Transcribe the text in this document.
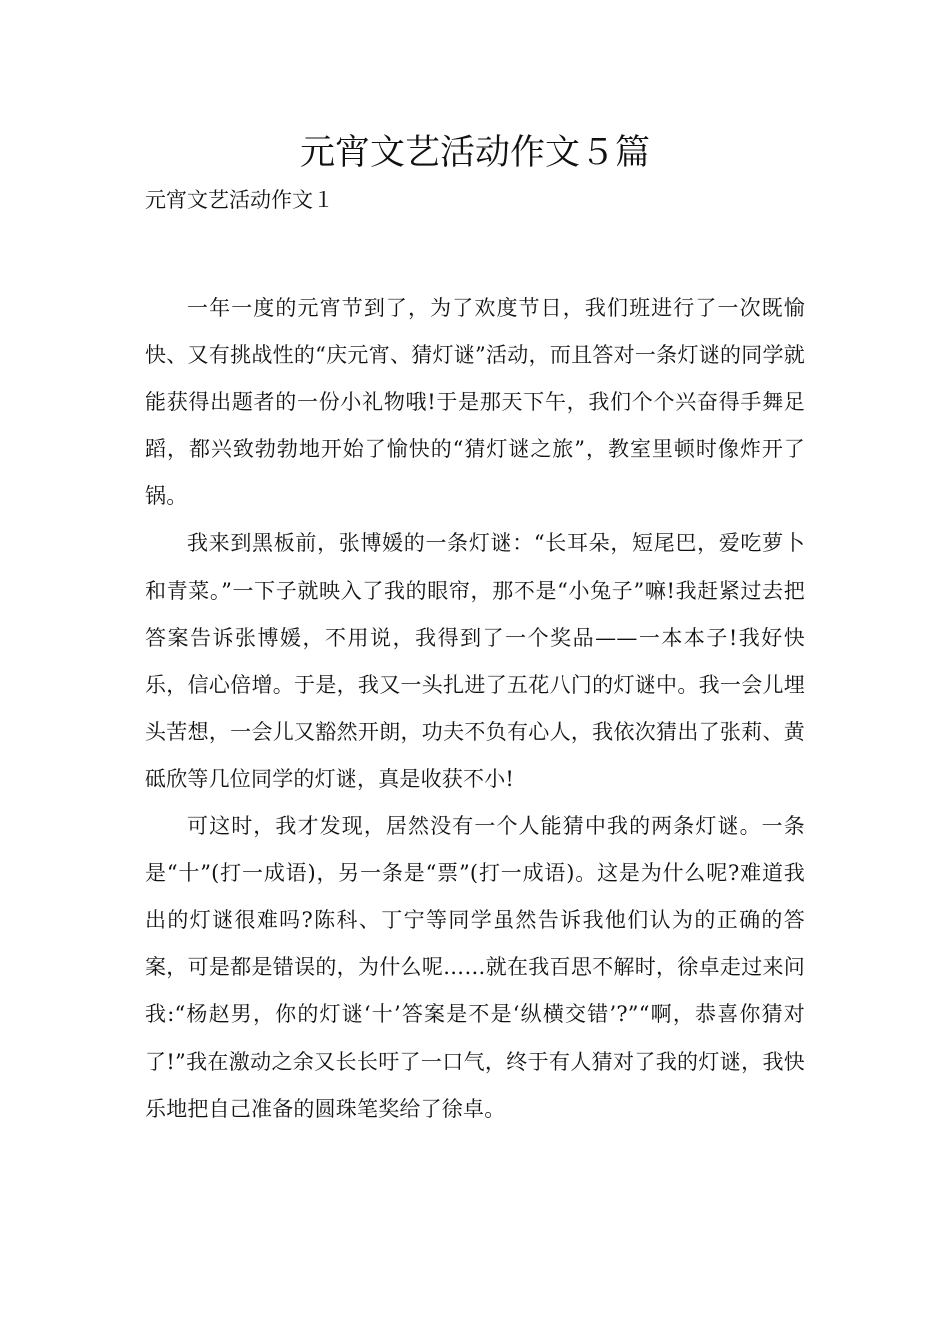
元宵文艺活动作文５篇
元宵文艺活动作文１

一年一度的元宵节到了，为了欢度节日，我们班进行了一次既愉快、又有挑战性的“庆元宵、猜灯谜”活动，而且答对一条灯谜的同学就能获得出题者的一份小礼物哦!于是那天下午，我们个个兴奋得手舞足蹈，都兴致勃勃地开始了愉快的“猜灯谜之旅”，教室里顿时像炸开了锅。

我来到黑板前，张博媛的一条灯谜：“长耳朵，短尾巴，爱吃萝卜和青菜。”一下子就映入了我的眼帘，那不是“小兔子”嘛!我赶紧过去把答案告诉张博媛，不用说，我得到了一个奖品——一本本子!我好快乐，信心倍增。于是，我又一头扎进了五花八门的灯谜中。我一会儿埋头苦想，一会儿又豁然开朗，功夫不负有心人，我依次猜出了张莉、黄砥欣等几位同学的灯谜，真是收获不小!

可这时，我才发现，居然没有一个人能猜中我的两条灯谜。一条是“十”(打一成语)，另一条是“票”(打一成语)。这是为什么呢?难道我出的灯谜很难吗?陈科、丁宁等同学虽然告诉我他们认为的正确的答案，可是都是错误的，为什么呢……就在我百思不解时，徐卓走过来问我:“杨赵男，你的灯谜‘十’答案是不是‘纵横交错’?”“啊，恭喜你猜对了!”我在激动之余又长长吁了一口气，终于有人猜对了我的灯谜，我快乐地把自己准备的圆珠笔奖给了徐卓。
